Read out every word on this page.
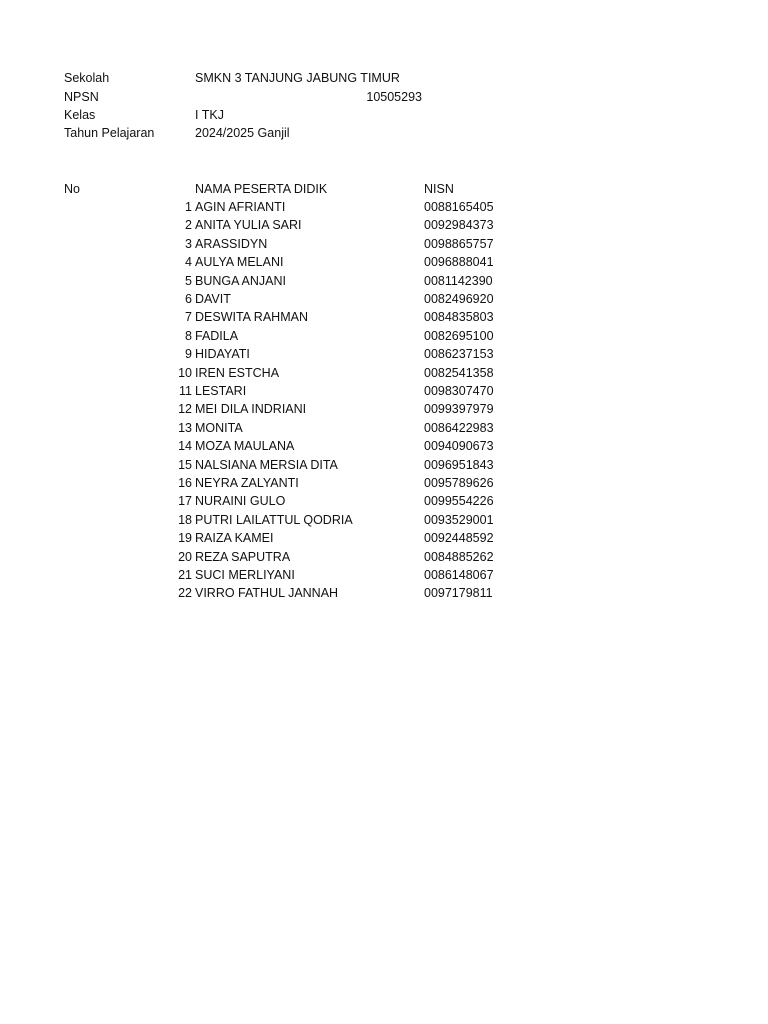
Sekolah	SMKN 3 TANJUNG JABUNG TIMUR
NPSN	10505293
Kelas	I TKJ
Tahun Pelajaran	2024/2025 Ganjil
No	NAMA PESERTA DIDIK	NISN
1 AGIN AFRIANTI	0088165405
2 ANITA YULIA SARI	0092984373
3 ARASSIDYN	0098865757
4 AULYA MELANI	0096888041
5 BUNGA ANJANI	0081142390
6 DAVIT	0082496920
7 DESWITA RAHMAN	0084835803
8 FADILA	0082695100
9 HIDAYATI	0086237153
10 IREN ESTCHA	0082541358
11 LESTARI	0098307470
12 MEI DILA INDRIANI	0099397979
13 MONITA	0086422983
14 MOZA MAULANA	0094090673
15 NALSIANA MERSIA DITA	0096951843
16 NEYRA ZALYANTI	0095789626
17 NURAINI GULO	0099554226
18 PUTRI LAILATTUL QODRIA	0093529001
19 RAIZA KAMEI	0092448592
20 REZA SAPUTRA	0084885262
21 SUCI MERLIYANI	0086148067
22 VIRRO FATHUL JANNAH	0097179811
